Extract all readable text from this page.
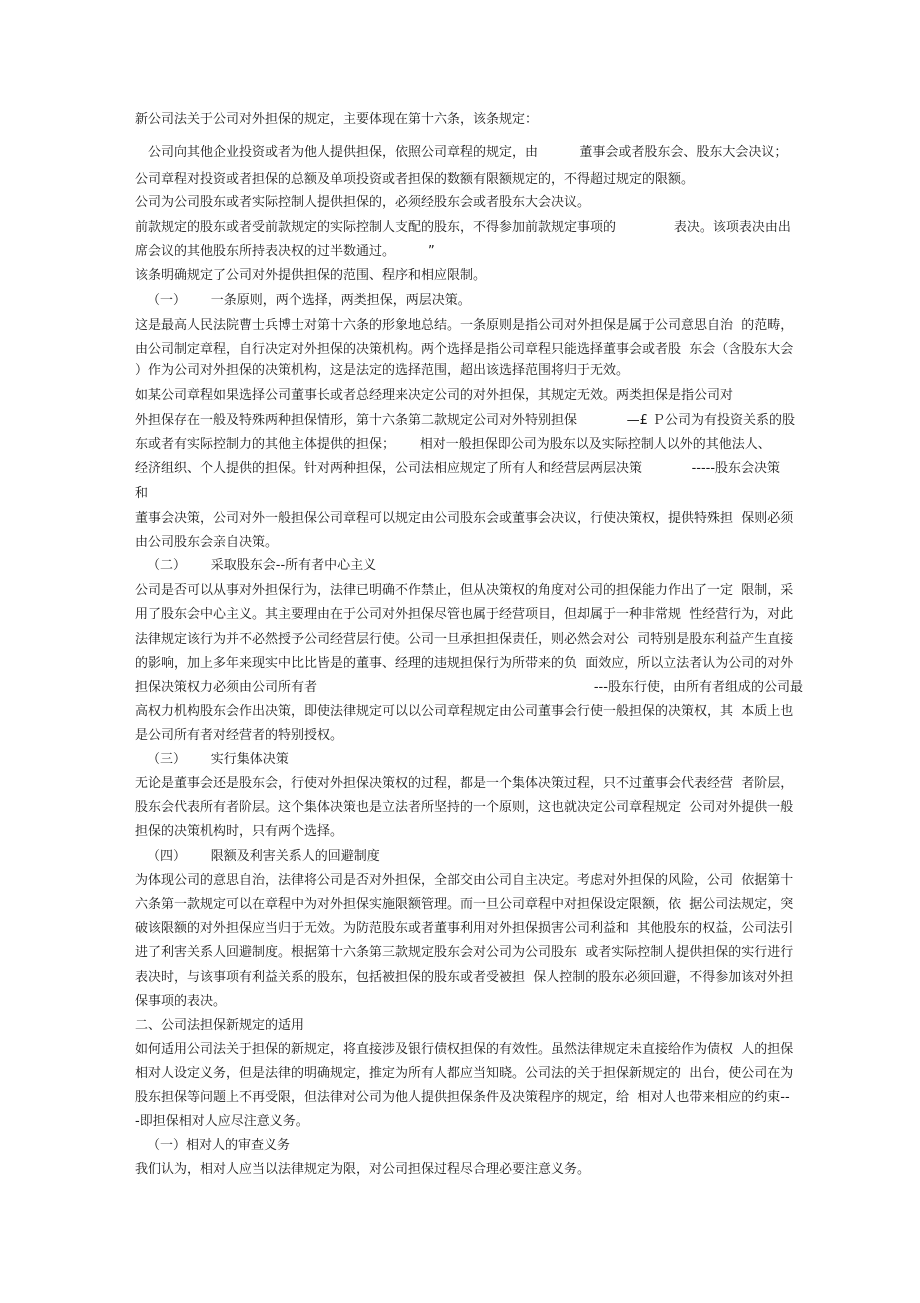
新公司法关于公司对外担保的规定，主要体现在第十六条，该条规定：
公司向其他企业投资或者为他人提供担保，依照公司章程的规定，由          董事会或者股东会、股东大会决议；
公司章程对投资或者担保的总额及单项投资或者担保的数额有限额规定的，不得超过规定的限额。
公司为公司股东或者实际控制人提供担保的，必须经股东会或者股东大会决议。
前款规定的股东或者受前款规定的实际控制人支配的股东，不得参加前款规定事项的              表决。该项表决由出
席会议的其他股东所持表决权的过半数通过。        ”
该条明确规定了公司对外提供担保的范围、程序和相应限制。
（一）      一条原则，两个选择，两类担保，两层决策。
这是最高人民法院曹士兵博士对第十六条的形象地总结。一条原则是指公司对外担保是属于公司意思自治  的范畴，
由公司制定章程，自行决定对外担保的决策机构。两个选择是指公司章程只能选择董事会或者股  东会（含股东大会
）作为公司对外担保的决策机构，这是法定的选择范围，超出该选择范围将归于无效。
如某公司章程如果选择公司董事长或者总经理来决定公司的对外担保，其规定无效。两类担保是指公司对
外担保存在一般及特殊两种担保情形，第十六条第二款规定公司对外特别担保            —£ Ｐ公司为有投资关系的股
东或者有实际控制力的其他主体提供的担保；      相对一般担保即公司为股东以及实际控制人以外的其他法人、
经济组织、个人提供的担保。针对两种担保，公司法相应规定了所有人和经营层两层决策            -----股东会决策
和
董事会决策，公司对外一般担保公司章程可以规定由公司股东会或董事会决议，行使决策权，提供特殊担  保则必须
由公司股东会亲自决策。
（二）      采取股东会--所有者中心主义
公司是否可以从事对外担保行为，法律已明确不作禁止，但从决策权的角度对公司的担保能力作出了一定  限制，采
用了股东会中心主义。其主要理由在于公司对外担保尽管也属于经营项目，但却属于一种非常规  性经营行为，对此
法律规定该行为并不必然授予公司经营层行使。公司一旦承担担保责任，则必然会对公  司特别是股东利益产生直接
的影响，加上多年来现实中比比皆是的董事、经理的违规担保行为所带来的负  面效应，所以立法者认为公司的对外
担保决策权力必须由公司所有者                                                                   ---股东行使，由所有者组成的公司最
高权力机构股东会作出决策，即使法律规定可以以公司章程规定由公司董事会行使一般担保的决策权，其  本质上也
是公司所有者对经营者的特别授权。
（三）      实行集体决策
无论是董事会还是股东会，行使对外担保决策权的过程，都是一个集体决策过程，只不过董事会代表经营  者阶层，
股东会代表所有者阶层。这个集体决策也是立法者所坚持的一个原则，这也就决定公司章程规定  公司对外提供一般
担保的决策机构时，只有两个选择。
（四）      限额及利害关系人的回避制度
为体现公司的意思自治，法律将公司是否对外担保，全部交由公司自主决定。考虑对外担保的风险，公司  依据第十
六条第一款规定可以在章程中为对外担保实施限额管理。而一旦公司章程中对担保设定限额，依  据公司法规定，突
破该限额的对外担保应当归于无效。为防范股东或者董事利用对外担保损害公司利益和  其他股东的权益，公司法引
进了利害关系人回避制度。根据第十六条第三款规定股东会对公司为公司股东  或者实际控制人提供担保的实行进行
表决时，与该事项有利益关系的股东，包括被担保的股东或者受被担  保人控制的股东必须回避，不得参加该对外担
保事项的表决。
二、公司法担保新规定的适用
如何适用公司法关于担保的新规定，将直接涉及银行债权担保的有效性。虽然法律规定未直接给作为债权  人的担保
相对人设定义务，但是法律的明确规定，推定为所有人都应当知晓。公司法的关于担保新规定的  出台，使公司在为
股东担保等问题上不再受限，但法律对公司为他人提供担保条件及决策程序的规定，给  相对人也带来相应的约束--
-即担保相对人应尽注意义务。
（一）相对人的审查义务
我们认为，相对人应当以法律规定为限，对公司担保过程尽合理必要注意义务。
